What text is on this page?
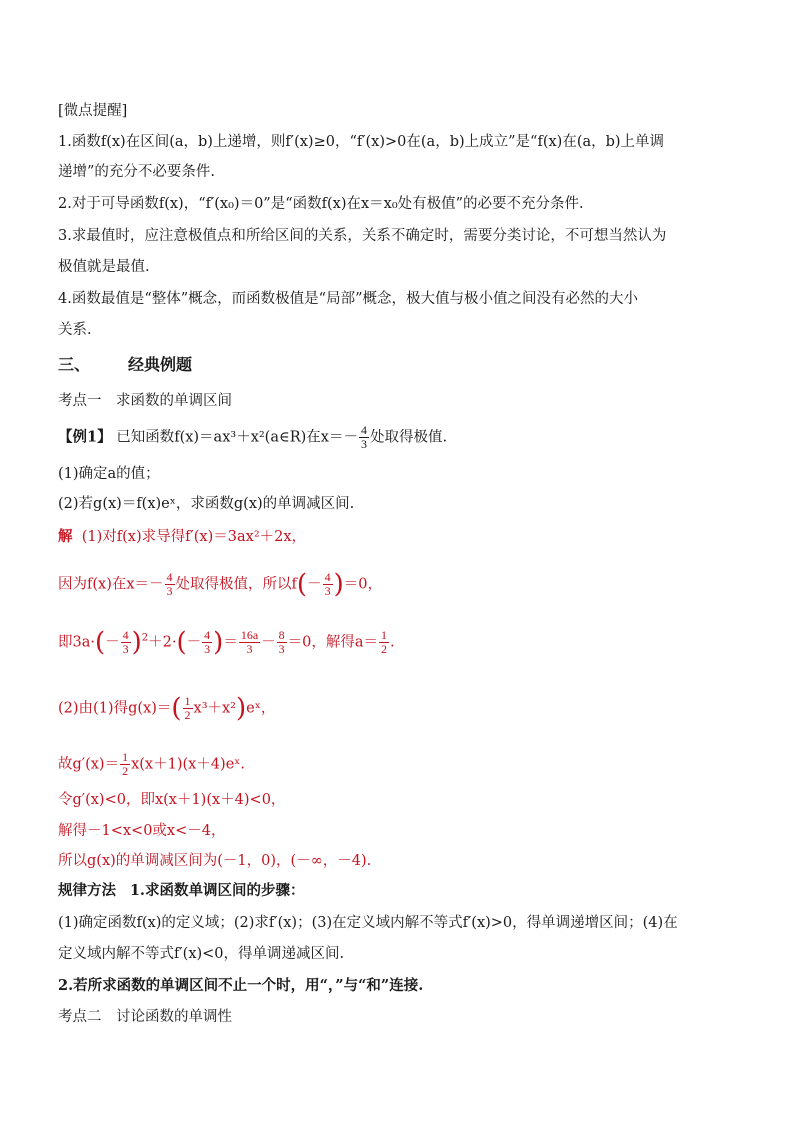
[微点提醒]
1.函数f(x)在区间(a，b)上递增，则f′(x)≥0，“f′(x)>0在(a，b)上成立”是“f(x)在(a，b)上单调
递增”的充分不必要条件.
2.对于可导函数f(x)，“f′(x₀)＝0”是“函数f(x)在x＝x₀处有极值”的必要不充分条件.
3.求最值时，应注意极值点和所给区间的关系，关系不确定时，需要分类讨论，不可想当然认为
极值就是最值.
4.函数最值是“整体”概念，而函数极值是“局部”概念，极大值与极小值之间没有必然的大小
关系.
三、 经典例题
考点一　求函数的单调区间
【例1】 已知函数f(x)＝ax³＋x²(a∈R)在$x=- \frac{4}{3}$ 处取得极值.
(1)确定a的值；
(2)若g(x)＝f(x)eˣ，求函数g(x)的单调减区间.
解 (1)对f(x)求导得f′(x)＝3ax²＋2x，
因为f(x)在$x=- \frac{4}{3}$ 处取得极值，所以$f(- \frac{4}{3} )=0$，
即$3a\cdot(- \frac{4}{3} )^2+2\cdot(- \frac{4}{3}$ )＝ $\frac{16a}{3} - \frac{8}{3} =0$，解得$a= \frac{1}{2}$ .
(2)由(1)得$g(x)=( \frac{1}{2}$ x³＋x²)eˣ，
故$g'(x)= \frac{1}{2}$ x(x＋1)(x＋4)eˣ.
令g′(x)<0，即x(x＋1)(x＋4)<0，
解得－1<x<0或x<－4，
所以g(x)的单调减区间为(－1，0)，(－∞，－4).
规律方法 1.求函数单调区间的步骤：
(1)确定函数f(x)的定义域；(2)求f′(x)；(3)在定义域内解不等式f′(x)>0，得单调递增区间；(4)在
定义域内解不等式f′(x)<0，得单调递减区间.
2.若所求函数的单调区间不止一个时，用“，”与“和”连接.
考点二　讨论函数的单调性
